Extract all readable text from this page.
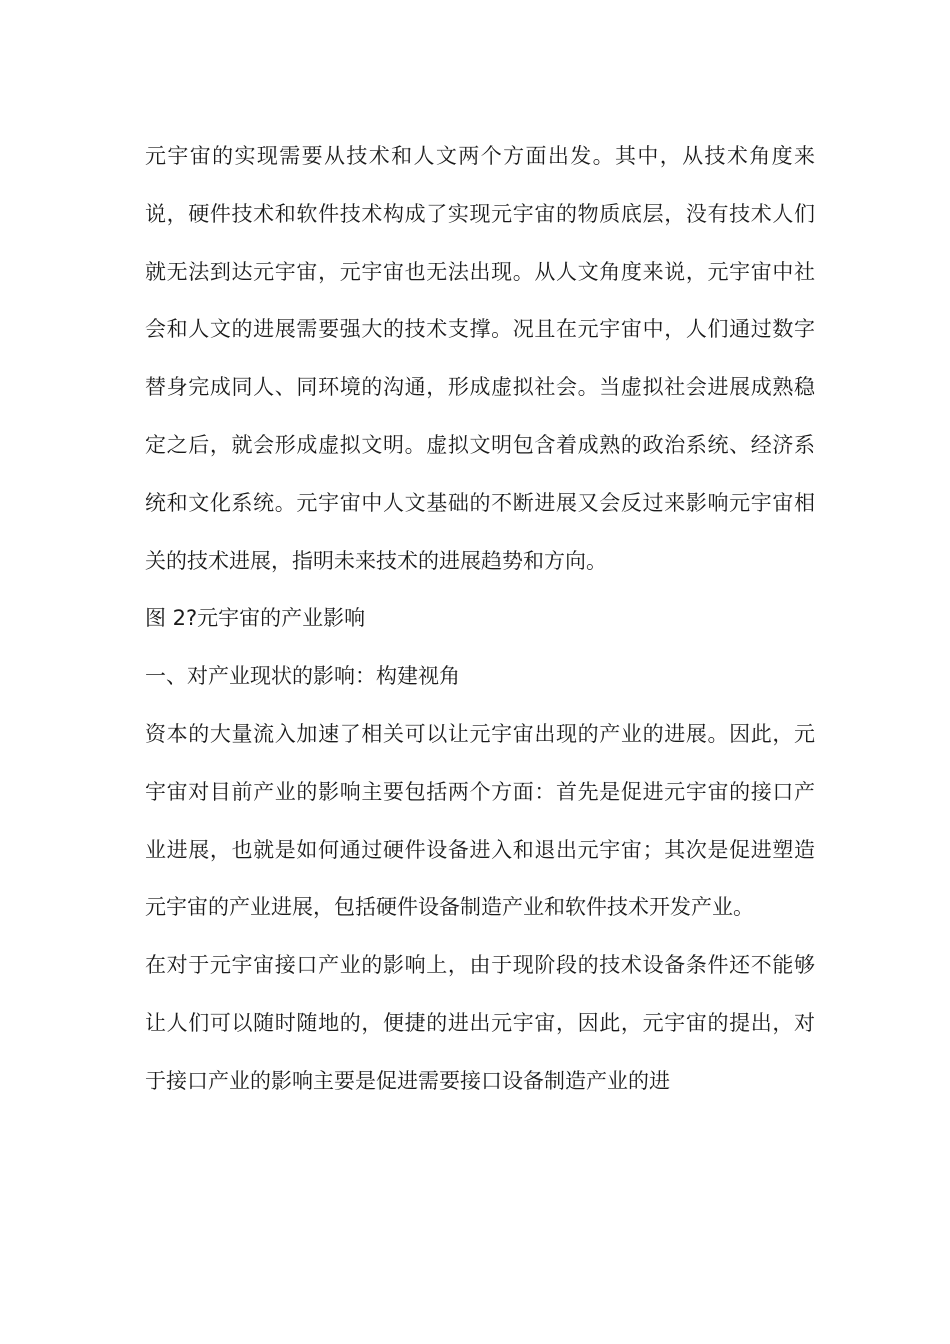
元宇宙的实现需要从技术和人文两个方面出发。其中，从技术角度来说，硬件技术和软件技术构成了实现元宇宙的物质底层，没有技术人们就无法到达元宇宙，元宇宙也无法出现。从人文角度来说，元宇宙中社会和人文的进展需要强大的技术支撑。况且在元宇宙中，人们通过数字替身完成同人、同环境的沟通，形成虚拟社会。当虚拟社会进展成熟稳定之后，就会形成虚拟文明。虚拟文明包含着成熟的政治系统、经济系统和文化系统。元宇宙中人文基础的不断进展又会反过来影响元宇宙相关的技术进展，指明未来技术的进展趋势和方向。

图 2?元宇宙的产业影响

一、对产业现状的影响：构建视角

资本的大量流入加速了相关可以让元宇宙出现的产业的进展。因此，元宇宙对目前产业的影响主要包括两个方面：首先是促进元宇宙的接口产业进展，也就是如何通过硬件设备进入和退出元宇宙；其次是促进塑造元宇宙的产业进展，包括硬件设备制造产业和软件技术开发产业。

在对于元宇宙接口产业的影响上，由于现阶段的技术设备条件还不能够让人们可以随时随地的，便捷的进出元宇宙，因此，元宇宙的提出，对于接口产业的影响主要是促进需要接口设备制造产业的进
